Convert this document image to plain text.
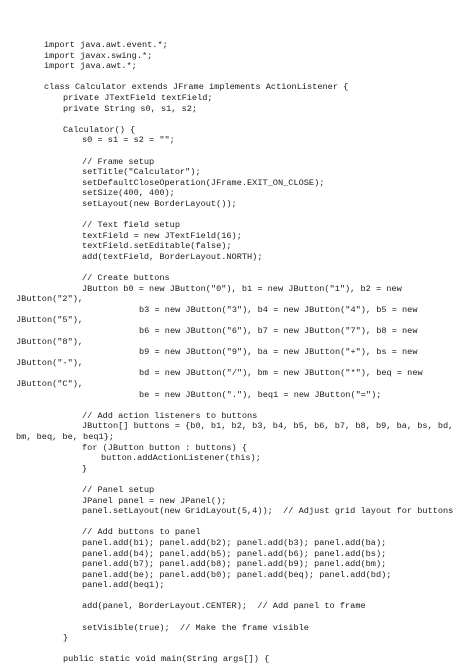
import java.awt.event.*;
import javax.swing.*;
import java.awt.*;
class Calculator extends JFrame implements ActionListener {
private JTextField textField;
private String s0, s1, s2;
Calculator() {
s0 = s1 = s2 = "";
// Frame setup
setTitle("Calculator");
setDefaultCloseOperation(JFrame.EXIT_ON_CLOSE);
setSize(400, 400);
setLayout(new BorderLayout());
// Text field setup
textField = new JTextField(16);
textField.setEditable(false);
add(textField, BorderLayout.NORTH);
// Create buttons
JButton b0 = new JButton("0"), b1 = new JButton("1"), b2 = new
JButton("2"),
b3 = new JButton("3"), b4 = new JButton("4"), b5 = new
JButton("5"),
b6 = new JButton("6"), b7 = new JButton("7"), b8 = new
JButton("8"),
b9 = new JButton("9"), ba = new JButton("+"), bs = new
JButton("-"),
bd = new JButton("/"), bm = new JButton("*"), beq = new
JButton("C"),
be = new JButton("."), beq1 = new JButton("=");
// Add action listeners to buttons
JButton[] buttons = {b0, b1, b2, b3, b4, b5, b6, b7, b8, b9, ba, bs, bd,
bm, beq, be, beq1};
for (JButton button : buttons) {
button.addActionListener(this);
}
// Panel setup
JPanel panel = new JPanel();
panel.setLayout(new GridLayout(5,4));  // Adjust grid layout for buttons
// Add buttons to panel
panel.add(b1); panel.add(b2); panel.add(b3); panel.add(ba);
panel.add(b4); panel.add(b5); panel.add(b6); panel.add(bs);
panel.add(b7); panel.add(b8); panel.add(b9); panel.add(bm);
panel.add(be); panel.add(b0); panel.add(beq); panel.add(bd);
panel.add(beq1);
add(panel, BorderLayout.CENTER);  // Add panel to frame
setVisible(true);  // Make the frame visible
}
public static void main(String args[]) {
